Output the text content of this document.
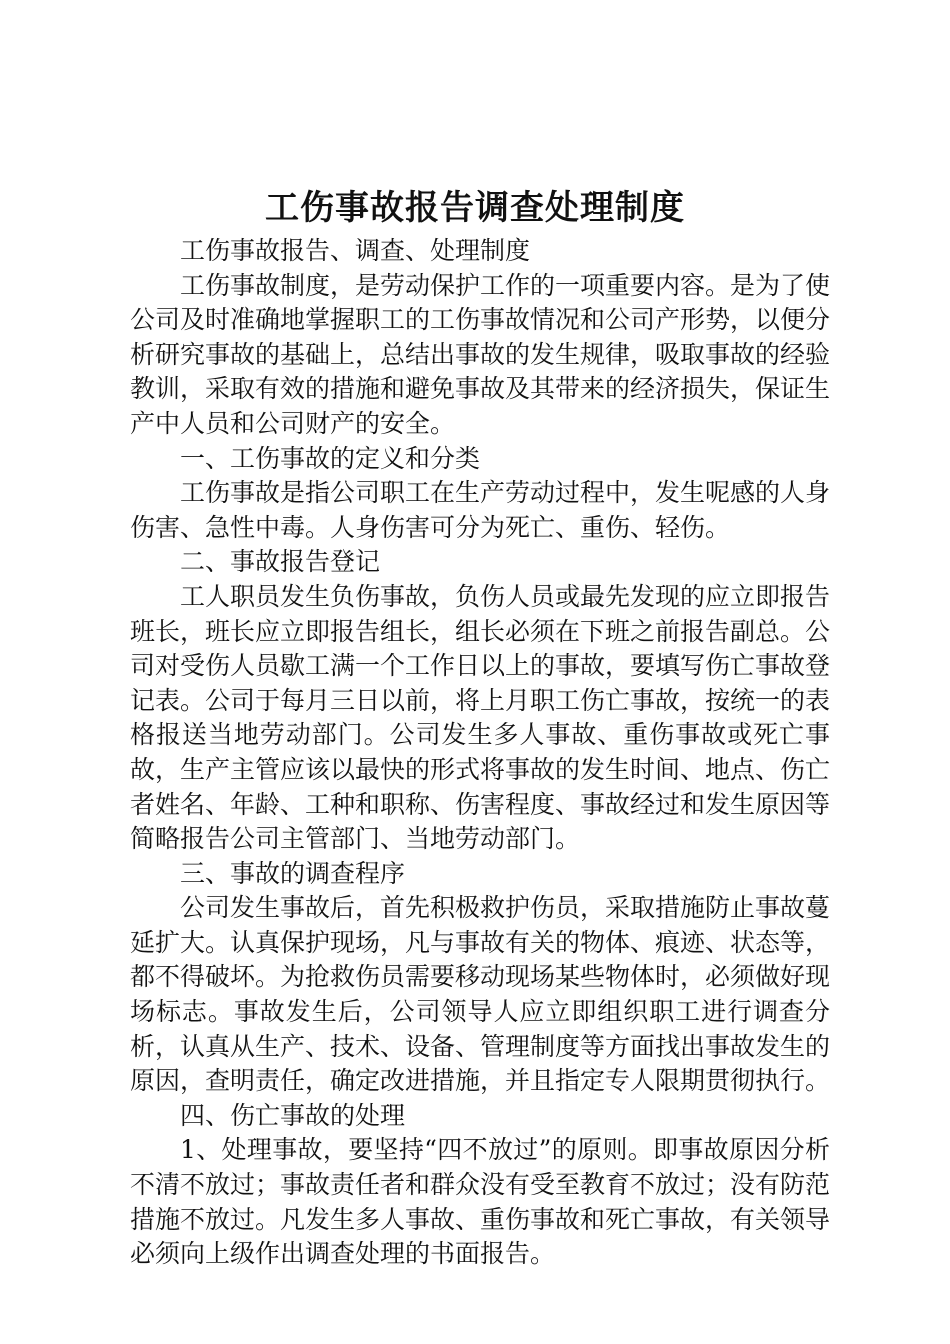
工伤事故报告调查处理制度

工伤事故报告、调查、处理制度

工伤事故制度，是劳动保护工作的一项重要内容。是为了使公司及时准确地掌握职工的工伤事故情况和公司产形势，以便分析研究事故的基础上，总结出事故的发生规律，吸取事故的经验教训，采取有效的措施和避免事故及其带来的经济损失，保证生产中人员和公司财产的安全。

一、工伤事故的定义和分类

工伤事故是指公司职工在生产劳动过程中，发生呢感的人身伤害、急性中毒。人身伤害可分为死亡、重伤、轻伤。

二、事故报告登记

工人职员发生负伤事故，负伤人员或最先发现的应立即报告班长，班长应立即报告组长，组长必须在下班之前报告副总。公司对受伤人员歇工满一个工作日以上的事故，要填写伤亡事故登记表。公司于每月三日以前，将上月职工伤亡事故，按统一的表格报送当地劳动部门。公司发生多人事故、重伤事故或死亡事故，生产主管应该以最快的形式将事故的发生时间、地点、伤亡者姓名、年龄、工种和职称、伤害程度、事故经过和发生原因等简略报告公司主管部门、当地劳动部门。

三、事故的调查程序

公司发生事故后，首先积极救护伤员，采取措施防止事故蔓延扩大。认真保护现场，凡与事故有关的物体、痕迹、状态等，都不得破坏。为抢救伤员需要移动现场某些物体时，必须做好现场标志。事故发生后，公司领导人应立即组织职工进行调查分析，认真从生产、技术、设备、管理制度等方面找出事故发生的原因，查明责任，确定改进措施，并且指定专人限期贯彻执行。

四、伤亡事故的处理

1、处理事故，要坚持“四不放过”的原则。即事故原因分析不清不放过；事故责任者和群众没有受至教育不放过；没有防范措施不放过。凡发生多人事故、重伤事故和死亡事故，有关领导必须向上级作出调查处理的书面报告。
